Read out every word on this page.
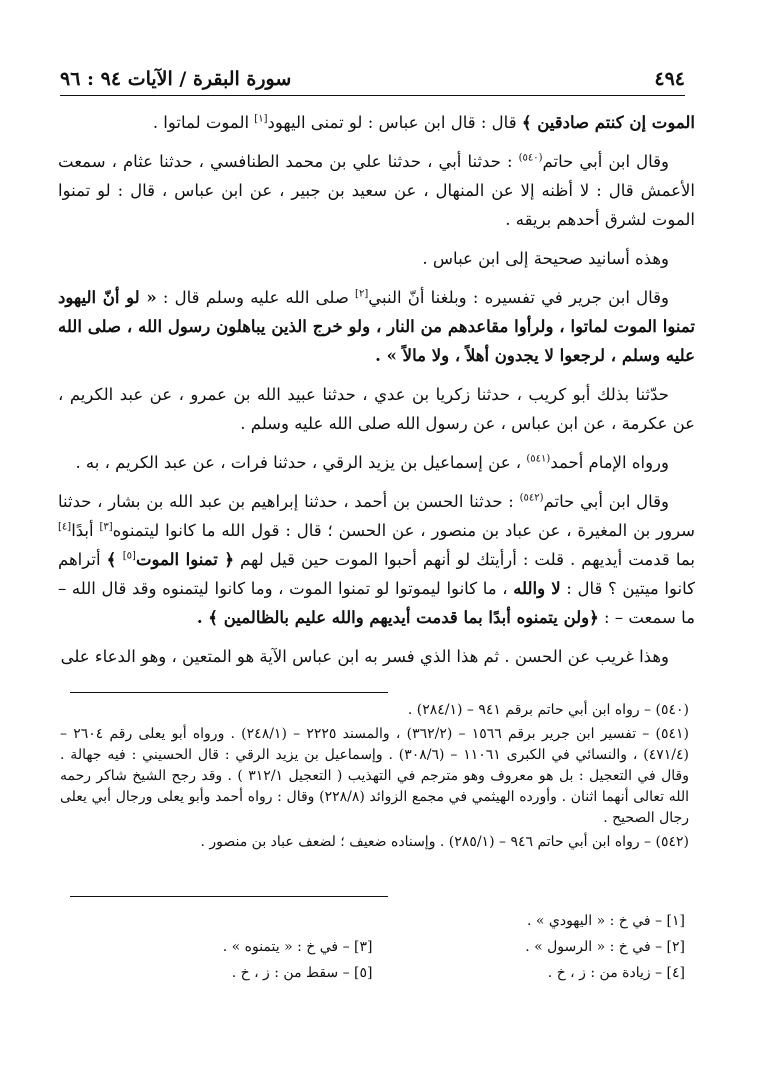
٤٩٤
سورة البقرة / الآيات ٩٤ : ٩٦

الموت إن كنتم صادقين ﴾ قال : قال ابن عباس : لو تمنى اليهود[١] الموت لماتوا .

وقال ابن أبي حاتم$^{(٥٤٠)}$ : حدثنا أبي ، حدثنا علي بن محمد الطنافسي ، حدثنا عثام ، سمعت الأعمش قال : لا أظنه إلا عن المنهال ، عن سعيد بن جبير ، عن ابن عباس ، قال : لو تمنوا الموت لشرق أحدهم بريقه .

وهذه أسانيد صحيحة إلى ابن عباس .

وقال ابن جرير في تفسيره : وبلغنا أنّ النبي[٢] صلى الله عليه وسلم قال : « لو أنّ اليهود تمنوا الموت لماتوا ، ولرأوا مقاعدهم من النار ، ولو خرج الذين يباهلون رسول الله ، صلى الله عليه وسلم ، لرجعوا لا يجدون أهلاً ، ولا مالاً » .

حدّثنا بذلك أبو كريب ، حدثنا زكريا بن عدي ، حدثنا عبيد الله بن عمرو ، عن عبد الكريم ، عن عكرمة ، عن ابن عباس ، عن رسول الله صلى الله عليه وسلم .

ورواه الإمام أحمد$^{(٥٤١)}$ ، عن إسماعيل بن يزيد الرقي ، حدثنا فرات ، عن عبد الكريم ، به .

وقال ابن أبي حاتم$^{(٥٤٢)}$ : حدثنا الحسن بن أحمد ، حدثنا إبراهيم بن عبد الله بن بشار ، حدثنا سرور بن المغيرة ، عن عباد بن منصور ، عن الحسن ؛ قال : قول الله ما كانوا ليتمنوه[٣] أبدًا[٤] بما قدمت أيديهم . قلت : أرأيتك لو أنهم أحبوا الموت حين قيل لهم ﴿ تمنوا الموت[٥] ﴾ أتراهم كانوا ميتين ؟ قال : لا والله ، ما كانوا ليموتوا لو تمنوا الموت ، وما كانوا ليتمنوه وقد قال الله – ما سمعت – : ﴿ولن يتمنوه أبدًا بما قدمت أيديهم والله عليم بالظالمين ﴾ .

وهذا غريب عن الحسن . ثم هذا الذي فسر به ابن عباس الآية هو المتعين ، وهو الدعاء على

(٥٤٠) – رواه ابن أبي حاتم برقم ٩٤١ – (٢٨٤/١) .

(٥٤١) – تفسير ابن جرير برقم ١٥٦٦ – (٣٦٢/٢) ، والمسند ٢٢٢٥ – (٢٤٨/١) . ورواه أبو يعلى رقم ٢٦٠٤ – (٤٧١/٤) ، والنسائي في الكبرى ١١٠٦١ – (٣٠٨/٦) . وإسماعيل بن يزيد الرقي : قال الحسيني : فيه جهالة . وقال في التعجيل : بل هو معروف وهو مترجم في التهذيب ( التعجيل ٣١٢/١ ) . وقد رجح الشيخ شاكر رحمه الله تعالى أنهما اثنان . وأورده الهيثمي في مجمع الزوائد (٢٢٨/٨) وقال : رواه أحمد وأبو يعلى ورجال أبي يعلى رجال الصحيح .

(٥٤٢) – رواه ابن أبي حاتم ٩٤٦ – (٢٨٥/١) . وإسناده ضعيف ؛ لضعف عباد بن منصور .

[١] – في خ : « اليهودي » .
[٢] – في خ : « الرسول » .
[٣] – في خ : « يتمنوه » .
[٤] – زيادة من : ز ، خ .
[٥] – سقط من : ز ، خ .
